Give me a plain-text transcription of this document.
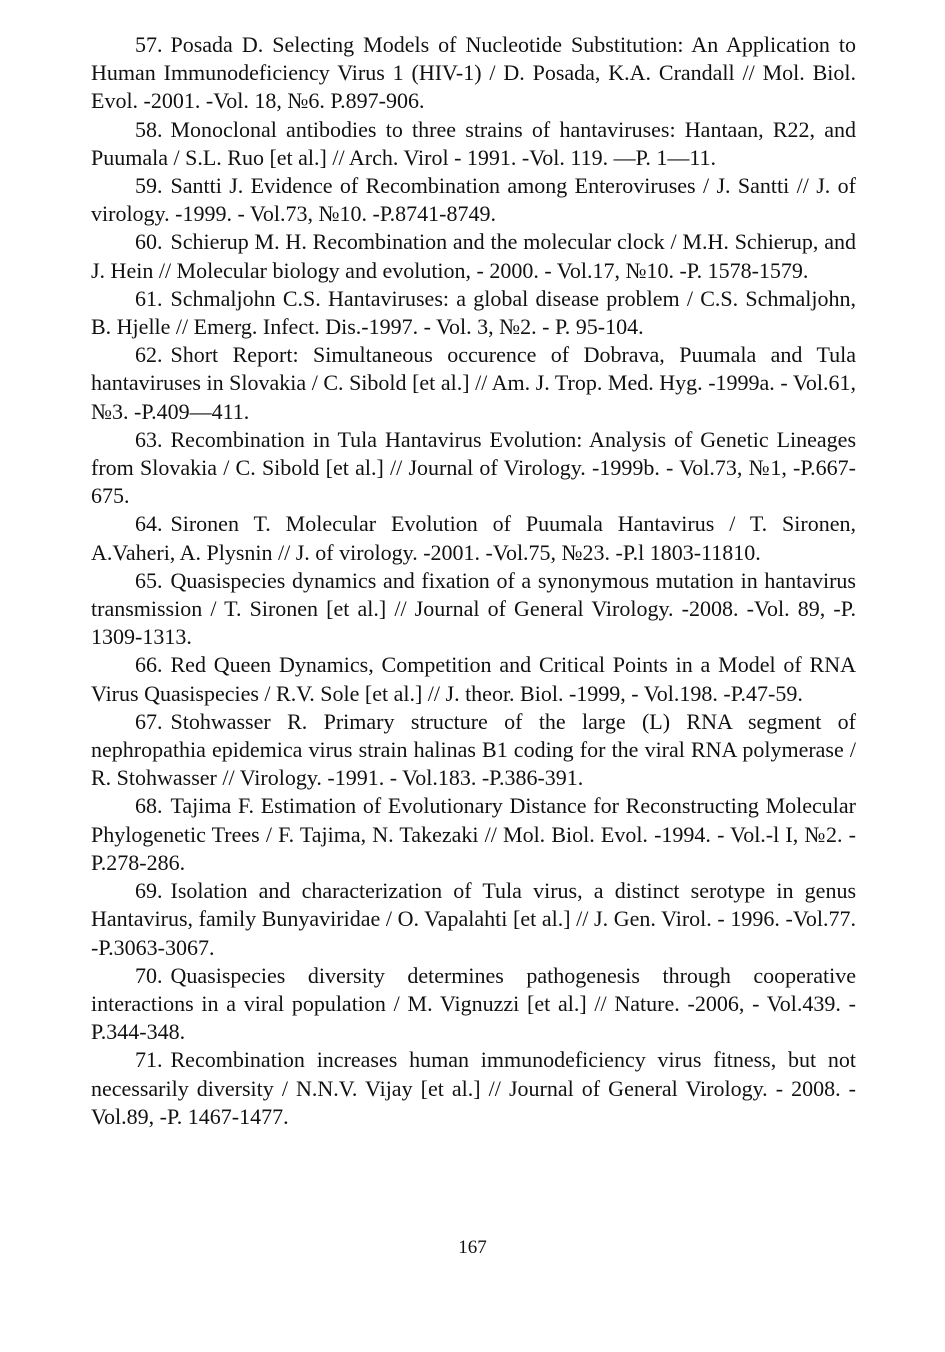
57. Posada D. Selecting Models of Nucleotide Substitution: An Application to Human Immunodeficiency Virus 1 (HIV-1) / D. Posada, K.A. Crandall // Mol. Biol. Evol. -2001. -Vol. 18, №6. P.897-906.
58. Monoclonal antibodies to three strains of hantaviruses: Hantaan, R22, and Puumala / S.L. Ruo [et al.] // Arch. Virol - 1991. -Vol. 119. —P. 1—11.
59. Santti J. Evidence of Recombination among Enteroviruses / J. Santti // J. of virology. -1999. - Vol.73, №10. -P.8741-8749.
60. Schierup M. H. Recombination and the molecular clock / M.H. Schierup, and J. Hein // Molecular biology and evolution, - 2000. - Vol.17, №10. -P. 1578-1579.
61. Schmaljohn C.S. Hantaviruses: a global disease problem / C.S. Schmaljohn, B. Hjelle // Emerg. Infect. Dis.-1997. - Vol. 3, №2. - P. 95-104.
62. Short Report: Simultaneous occurence of Dobrava, Puumala and Tula hantaviruses in Slovakia / C. Sibold [et al.] // Am. J. Trop. Med. Hyg. -1999a. - Vol.61, №3. -P.409—411.
63. Recombination in Tula Hantavirus Evolution: Analysis of Genetic Lineages from Slovakia / C. Sibold [et al.] // Journal of Virology. -1999b. - Vol.73, №1, -P.667-675.
64. Sironen T. Molecular Evolution of Puumala Hantavirus / T. Sironen, A.Vaheri, A. Plysnin // J. of virology. -2001. -Vol.75, №23. -P.l 1803-11810.
65. Quasispecies dynamics and fixation of a synonymous mutation in hantavirus transmission / T. Sironen [et al.] // Journal of General Virology. -2008. -Vol. 89, -P. 1309-1313.
66. Red Queen Dynamics, Competition and Critical Points in a Model of RNA Virus Quasispecies / R.V. Sole [et al.] // J. theor. Biol. -1999, - Vol.198. -P.47-59.
67. Stohwasser R. Primary structure of the large (L) RNA segment of nephropathia epidemica virus strain halinas B1 coding for the viral RNA polymerase / R. Stohwasser // Virology. -1991. - Vol.183. -P.386-391.
68. Tajima F. Estimation of Evolutionary Distance for Reconstructing Molecular Phylogenetic Trees / F. Tajima, N. Takezaki // Mol. Biol. Evol. -1994. - Vol.-l I, №2. -P.278-286.
69. Isolation and characterization of Tula virus, a distinct serotype in genus Hantavirus, family Bunyaviridae / O. Vapalahti [et al.] // J. Gen. Virol. - 1996. -Vol.77. -P.3063-3067.
70. Quasispecies diversity determines pathogenesis through cooperative interactions in a viral population / M. Vignuzzi [et al.] // Nature. -2006, - Vol.439. -P.344-348.
71. Recombination increases human immunodeficiency virus fitness, but not necessarily diversity / N.N.V. Vijay [et al.] // Journal of General Virology. - 2008. -Vol.89, -P. 1467-1477.
167
